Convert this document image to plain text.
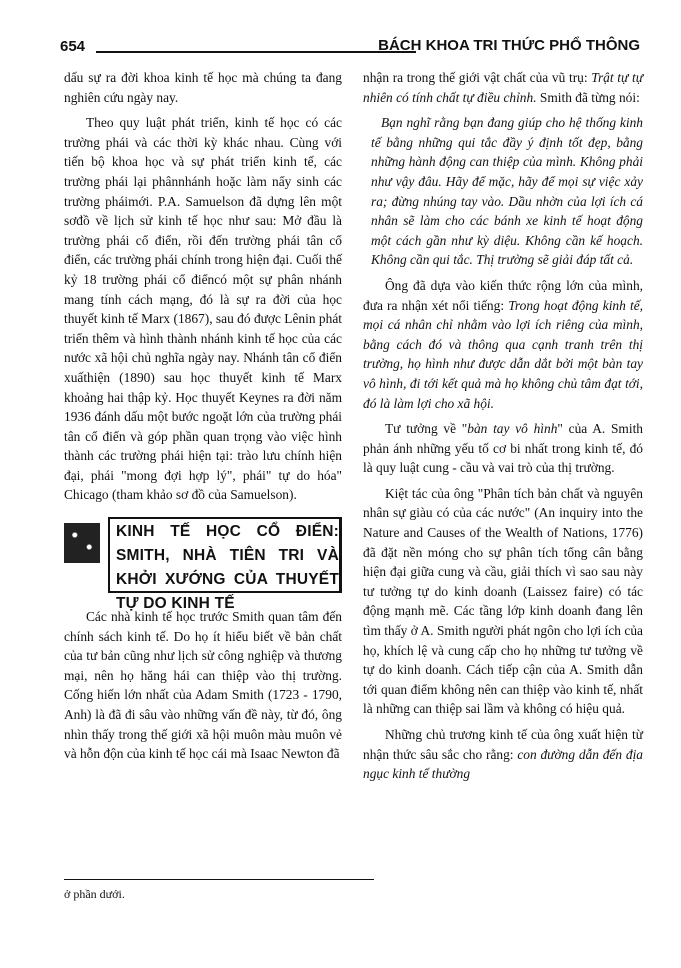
654	BÁCH KHOA TRI THỨC PHỔ THÔNG

dấu sự ra đời khoa kinh tế học mà chúng ta đang nghiên cứu ngày nay.

Theo quy luật phát triển, kinh tế học có các trường phái và các thời kỳ khác nhau. Cùng với tiến bộ khoa học và sự phát triển kinh tế, các trường phái lại phânnhánh hoặc làm nẩy sinh các trường pháimới. P.A. Samuelson đã dựng lên một sơđồ về lịch sử kinh tế học như sau: Mở đầu là trường phái cổ điển, rồi đến trường phái tân cổ điển, các trường phái chính trong hiện đại. Cuối thế kỷ 18 trường phái cổ điểncó một sự phân nhánh mang tính cách mạng, đó là sự ra đời của học thuyết kinh tế Marx (1867), sau đó được Lênin phát triển thêm và hình thành nhánh kinh tế học của các nước xã hội chủ nghĩa ngày nay. Nhánh tân cổ điển xuấthiện (1890) sau học thuyết kinh tế Marx khoảng hai thập kỷ. Học thuyết Keynes ra đời năm 1936 đánh dấu một bước ngoặt lớn của trường phái tân cổ điển và góp phần quan trọng vào việc hình thành các trường phái hiện tại: trào lưu chính hiện đại, phái "mong đợi hợp lý", phái" tự do hóa" Chicago (tham khảo sơ đồ của Samuelson).

KINH TẾ HỌC CỔ ĐIỂN: SMITH, NHÀ TIÊN TRI VÀ KHỞI XƯỚNG CỦA THUYẾT TỰ DO KINH TẾ

Các nhà kinh tế học trước Smith quan tâm đến chính sách kinh tế. Do họ ít hiểu biết về bản chất của tư bản cũng như lịch sử công nghiệp và thương mại, nên họ hăng hái can thiệp vào thị trường. Cống hiến lớn nhất của Adam Smith (1723 - 1790, Anh) là đã đi sâu vào những vấn đề này, từ đó, ông nhìn thấy trong thế giới xã hội muôn màu muôn vẻ và hỗn độn của kinh tế học cái mà Isaac Newton đã

nhận ra trong thế giới vật chất của vũ trụ: Trật tự tự nhiên có tính chất tự điều chỉnh. Smith đã từng nói:

Bạn nghĩ rằng bạn đang giúp cho hệ thống kinh tế bằng những qui tắc đầy ý định tốt đẹp, bằng những hành động can thiệp của mình. Không phải như vậy đâu. Hãy để mặc, hãy để mọi sự việc xảy ra; đừng nhúng tay vào. Dầu nhờn của lợi ích cá nhân sẽ làm cho các bánh xe kinh tế hoạt động một cách gần như kỳ diệu. Không cần kế hoạch. Không cần qui tắc. Thị trường sẽ giải đáp tất cả.

Ông đã dựa vào kiến thức rộng lớn của mình, đưa ra nhận xét nổi tiếng: Trong hoạt động kinh tế, mọi cá nhân chỉ nhằm vào lợi ích riêng của mình, bằng cách đó và thông qua cạnh tranh trên thị trường, họ hình như được dẫn dắt bởi một bàn tay vô hình, đi tới kết quả mà họ không chủ tâm đạt tới, đó là làm lợi cho xã hội.

Tư tưởng về "bàn tay vô hình" của A. Smith phản ánh những yếu tố cơ bi nhất trong kinh tế, đó là quy luật cung - cầu và vai trò của thị trường.

Kiệt tác của ông "Phân tích bản chất và nguyên nhân sự giàu có của các nước" (An inquiry into the Nature and Causes of the Wealth of Nations, 1776) đã đặt nền móng cho sự phân tích tổng cân bằng hiện đại giữa cung và cầu, giải thích vì sao sau này tư tưởng tự do kinh doanh (Laissez faire) có tác động mạnh mẽ. Các tầng lớp kinh doanh đang lên tìm thấy ở A. Smith người phát ngôn cho lợi ích của họ, khích lệ và cung cấp cho họ những tư tưởng về tự do kinh doanh. Cách tiếp cận của A. Smith dẫn tới quan điểm không nên can thiệp vào kinh tế, nhất là những can thiệp sai lầm và không có hiệu quả.

Những chủ trương kinh tế của ông xuất hiện từ nhận thức sâu sắc cho rằng: con đường dẫn đến địa ngục kinh tế thường

ở phần dưới.
